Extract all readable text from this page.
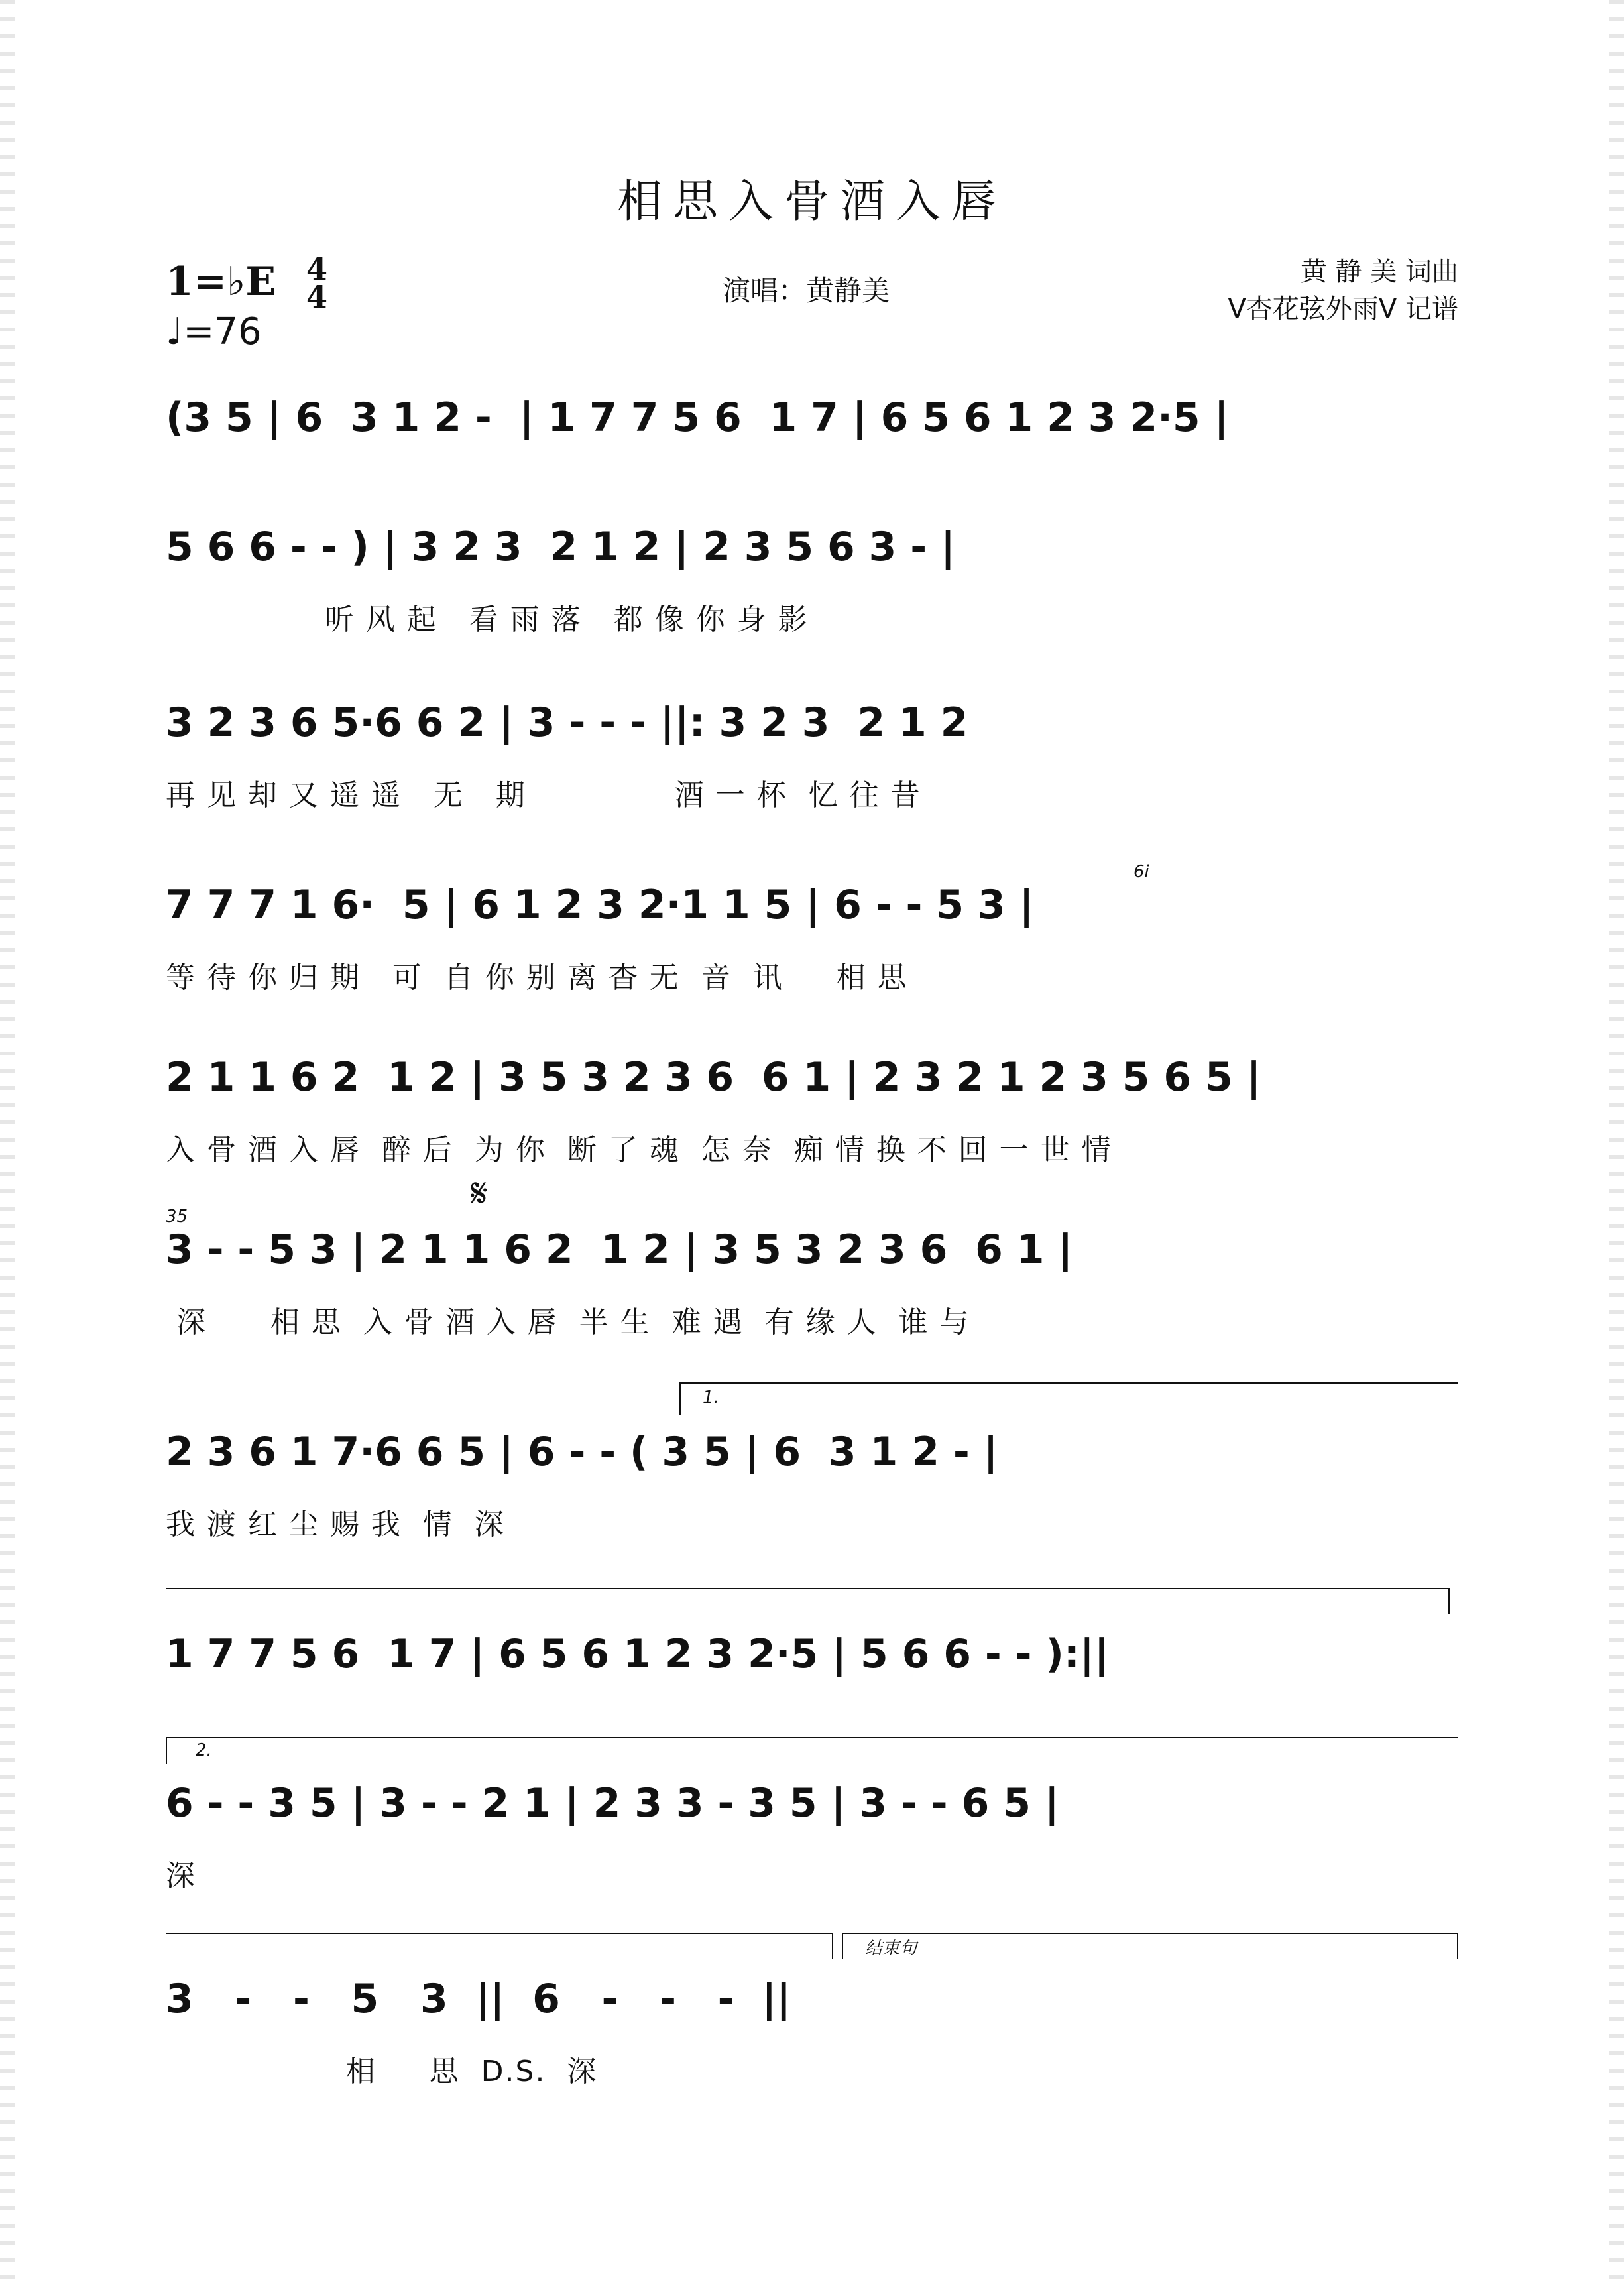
相思入骨酒入唇
1=♭E 4
4
♩=76
演唱：黄静美
黄 静 美 词曲
V杏花弦外雨V 记谱
(3 5 | 6  3 1 2 -  | 1 7 7 5 6  1 7 | 6 5 6 1 2 3 2·5 |
5 6 6 - - ) | 3 2 3  2 1 2 | 2 3 5 6 3 - |
听 风 起   看 雨 落   都 像 你 身 影
3 2 3 6 5·6 6 2 | 3 - - - ||: 3 2 3  2 1 2
再 见 却 又 遥 遥   无   期              酒 一 杯  忆 往 昔
6i
7 7 7 1 6·  5 | 6 1 2 3 2·1 1 5 | 6 - - 5 3 |
等 待 你 归 期   可  自 你 别 离 杳 无  音  讯     相 思
2 1 1 6 2  1 2 | 3 5 3 2 3 6  6 1 | 2 3 2 1 2 3 5 6 5 |
入 骨 酒 入 唇  醉 后  为 你  断 了 魂  怎 奈  痴 情 换 不 回 一 世 情
35	𝄋
3 - - 5 3 | 2 1 1 6 2  1 2 | 3 5 3 2 3 6  6 1 |
深      相 思  入 骨 酒 入 唇  半 生  难 遇  有 缘 人  谁 与
1.
2 3 6 1 7·6 6 5 | 6 - - ( 3 5 | 6  3 1 2 - |
我 渡 红 尘 赐 我  情  深
1 7 7 5 6  1 7 | 6 5 6 1 2 3 2·5 | 5 6 6 - - ):||
2.
6 - - 3 5 | 3 - - 2 1 | 2 3 3 - 3 5 | 3 - - 6 5 |
深
结束句
3   -   -   5   3  ||  6   -   -   -  ||
相     思  D.S.  深
